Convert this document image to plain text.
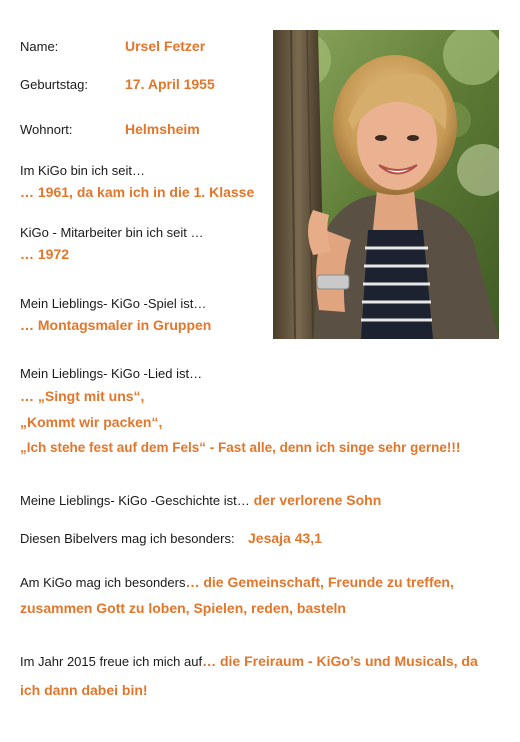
Name:	Ursel Fetzer
Geburtstag:	17. April 1955
Wohnort:	Helmsheim
Im KiGo bin ich seit…
… 1961, da kam ich in die 1. Klasse
KiGo - Mitarbeiter bin ich seit …
… 1972
Mein Lieblings- KiGo -Spiel ist…
… Montagsmaler in Gruppen
Mein Lieblings- KiGo -Lied ist…
… „Singt mit uns“,
„Kommt wir packen“,
„Ich stehe fest auf dem Fels“ - Fast alle, denn ich singe sehr gerne!!!
Meine Lieblings- KiGo -Geschichte ist… der verlorene Sohn
Diesen Bibelvers mag ich besonders: Jesaja 43,1
Am KiGo mag ich besonders… die Gemeinschaft, Freunde zu treffen,
zusammen Gott zu loben, Spielen, reden, basteln
Im Jahr 2015 freue ich mich auf… die Freiraum - KiGo’s und Musicals, da
ich dann dabei bin!
